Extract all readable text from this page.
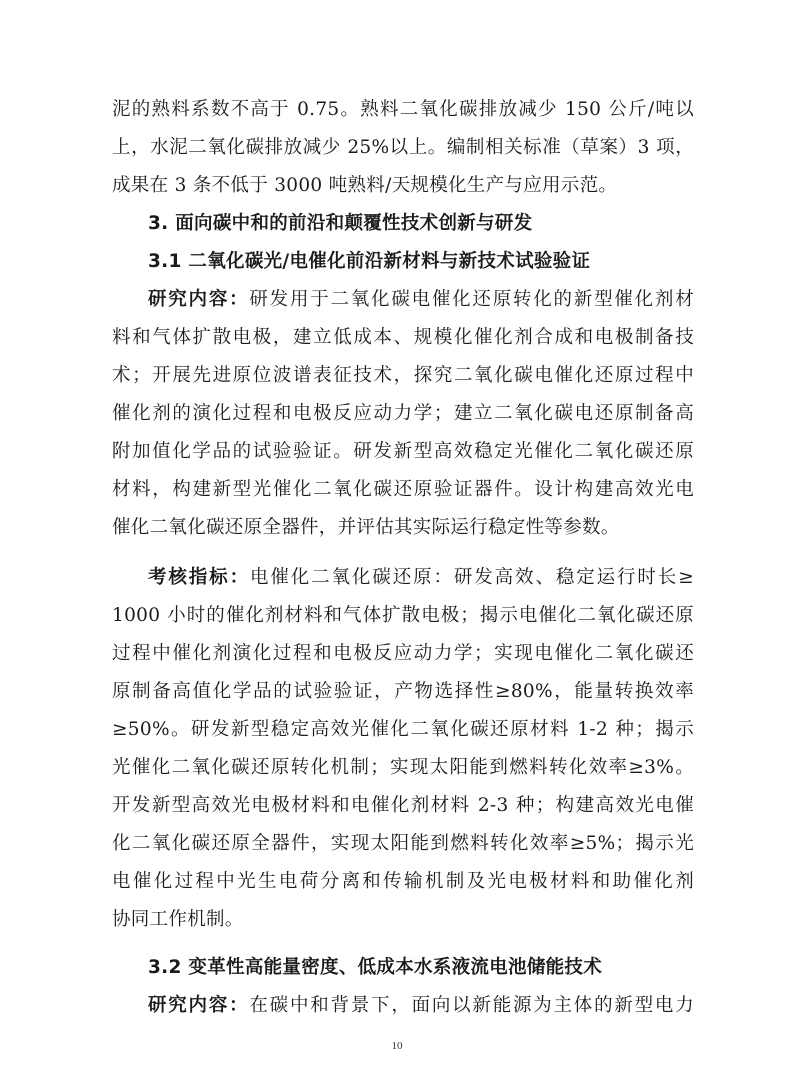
泥的熟料系数不高于 0.75。熟料二氧化碳排放减少 150 公斤/吨以
上，水泥二氧化碳排放减少 25%以上。编制相关标准（草案）3 项，
成果在 3 条不低于 3000 吨熟料/天规模化生产与应用示范。
3. 面向碳中和的前沿和颠覆性技术创新与研发
3.1 二氧化碳光/电催化前沿新材料与新技术试验验证
研究内容：研发用于二氧化碳电催化还原转化的新型催化剂材
料和气体扩散电极，建立低成本、规模化催化剂合成和电极制备技
术；开展先进原位波谱表征技术，探究二氧化碳电催化还原过程中
催化剂的演化过程和电极反应动力学；建立二氧化碳电还原制备高
附加值化学品的试验验证。研发新型高效稳定光催化二氧化碳还原
材料，构建新型光催化二氧化碳还原验证器件。设计构建高效光电
催化二氧化碳还原全器件，并评估其实际运行稳定性等参数。
考核指标：电催化二氧化碳还原：研发高效、稳定运行时长≥
1000 小时的催化剂材料和气体扩散电极；揭示电催化二氧化碳还原
过程中催化剂演化过程和电极反应动力学；实现电催化二氧化碳还
原制备高值化学品的试验验证，产物选择性≥80%，能量转换效率
≥50%。研发新型稳定高效光催化二氧化碳还原材料 1-2 种；揭示
光催化二氧化碳还原转化机制；实现太阳能到燃料转化效率≥3%。
开发新型高效光电极材料和电催化剂材料 2-3 种；构建高效光电催
化二氧化碳还原全器件，实现太阳能到燃料转化效率≥5%；揭示光
电催化过程中光生电荷分离和传输机制及光电极材料和助催化剂
协同工作机制。
3.2 变革性高能量密度、低成本水系液流电池储能技术
研究内容：在碳中和背景下，面向以新能源为主体的新型电力
10
